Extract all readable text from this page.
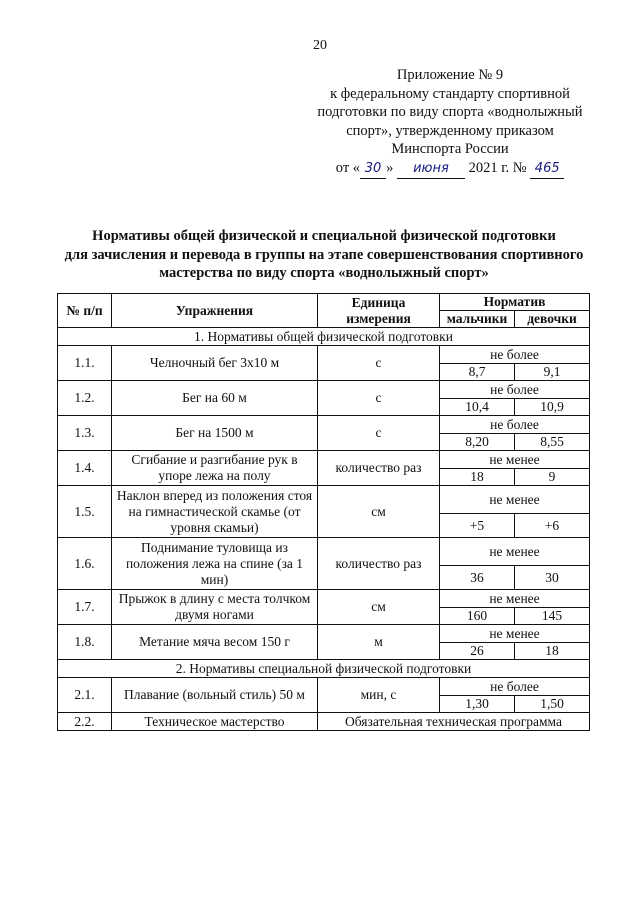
20
Приложение № 9
к федеральному стандарту спортивной
подготовки по виду спорта «воднолыжный
спорт», утвержденному приказом
Минспорта России
от « 30 » июня 2021 г. № 465
Нормативы общей физической и специальной физической подготовки
для зачисления и перевода в группы на этапе совершенствования спортивного
мастерства по виду спорта «воднолыжный спорт»
№ п/п	Упражнения	Единица измерения	Норматив	
			мальчики	девочки
1. Нормативы общей физической подготовки				
1.1.	Челночный бег 3х10 м	с	не более	
			8,7	9,1
1.2.	Бег на 60 м	с	не более	
			10,4	10,9
1.3.	Бег на 1500 м	с	не более	
			8,20	8,55
1.4.	Сгибание и разгибание рук в упоре лежа на полу	количество раз	не менее	
			18	9
1.5.	Наклон вперед из положения стоя на гимнастической скамье (от уровня скамьи)	см	не менее	
			+5	+6
1.6.	Поднимание туловища из положения лежа на спине (за 1 мин)	количество раз	не менее	
			36	30
1.7.	Прыжок в длину с места толчком двумя ногами	см	не менее	
			160	145
1.8.	Метание мяча весом 150 г	м	не менее	
			26	18
2. Нормативы специальной физической подготовки				
2.1.	Плавание (вольный стиль) 50 м	мин, с	не более	
			1,30	1,50
2.2.	Техническое мастерство	Обязательная техническая программа		
